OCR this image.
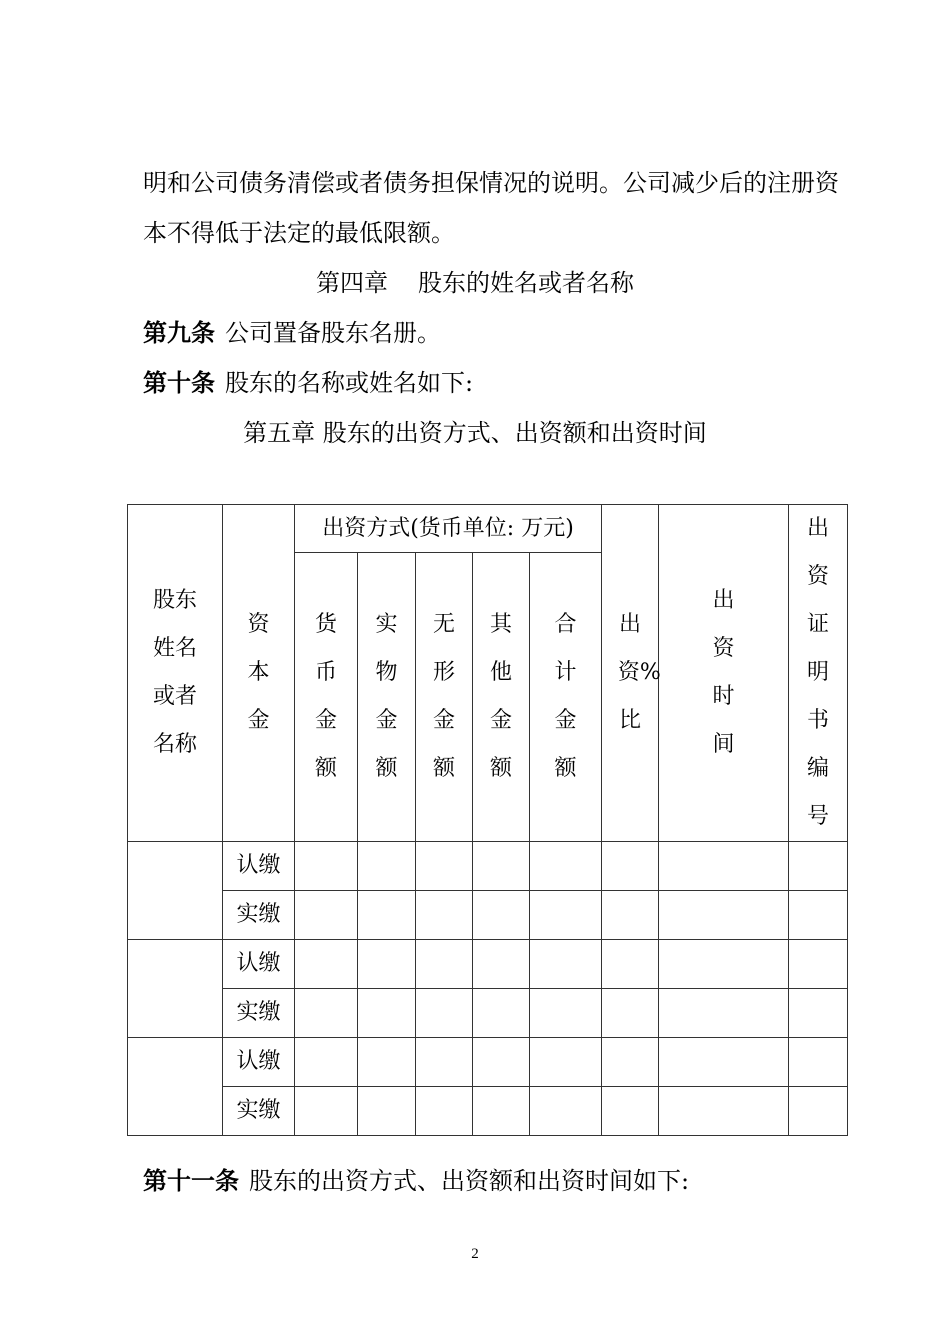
明和公司债务清偿或者债务担保情况的说明。公司减少后的注册资
本不得低于法定的最低限额。
第四章 股东的姓名或者名称
第九条 公司置备股东名册。
第十条 股东的名称或姓名如下:
第五章 股东的出资方式、出资额和出资时间
股东姓名或者名称	资本金	出资方式(货币单位: 万元)					出资%比	出资时间	出资证明书编号
		货币金额	实物金额	无形金额	其他金额	合计金额			
	认缴								
	实缴								
	认缴								
	实缴								
	认缴								
	实缴								
第十一条 股东的出资方式、出资额和出资时间如下:
2
